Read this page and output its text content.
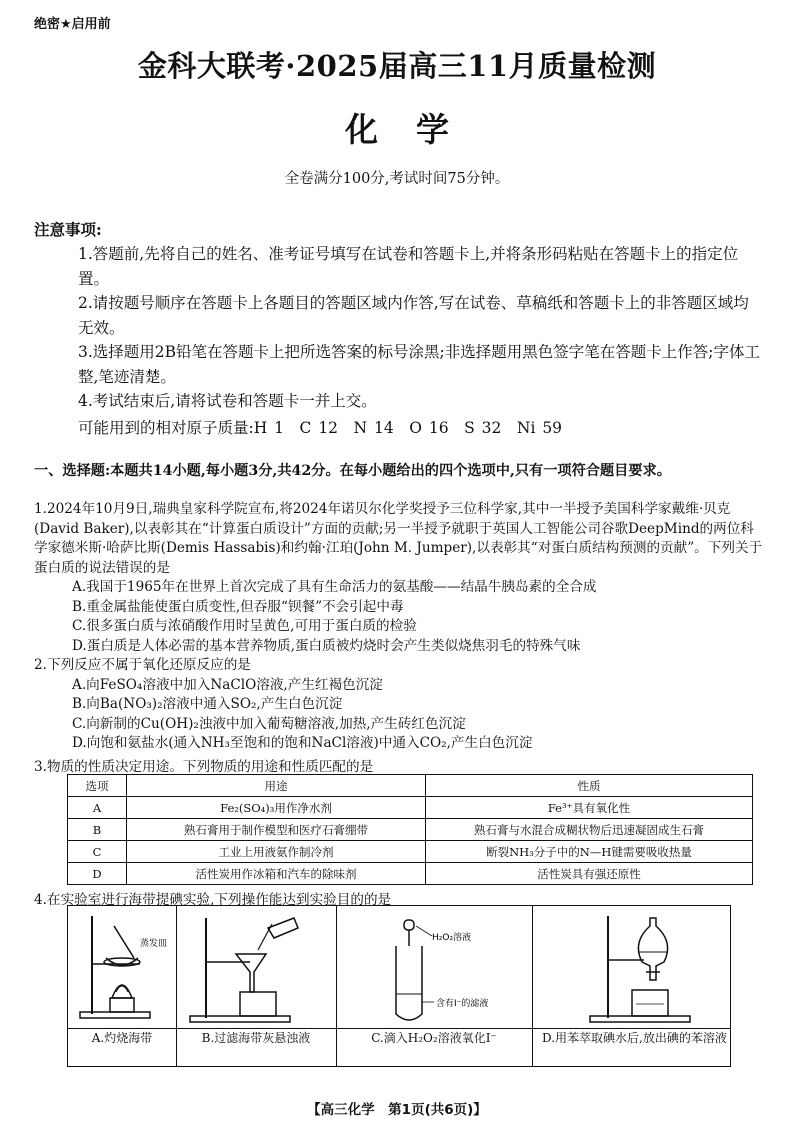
绝密★启用前
金科大联考·2025届高三11月质量检测
化学
全卷满分100分,考试时间75分钟。
注意事项:
1.答题前,先将自己的姓名、准考证号填写在试卷和答题卡上,并将条形码粘贴在答题卡上的指定位置。
2.请按题号顺序在答题卡上各题目的答题区域内作答,写在试卷、草稿纸和答题卡上的非答题区域均无效。
3.选择题用2B铅笔在答题卡上把所选答案的标号涂黑;非选择题用黑色签字笔在答题卡上作答;字体工整,笔迹清楚。
4.考试结束后,请将试卷和答题卡一并上交。
可能用到的相对原子质量:H 1　C 12　N 14　O 16　S 32　Ni 59
一、选择题:本题共14小题,每小题3分,共42分。在每小题给出的四个选项中,只有一项符合题目要求。
1.2024年10月9日,瑞典皇家科学院宣布,将2024年诺贝尔化学奖授予三位科学家,其中一半授予美国科学家戴维·贝克(David Baker),以表彰其在“计算蛋白质设计”方面的贡献;另一半授予就职于英国人工智能公司谷歌DeepMind的两位科学家德米斯·哈萨比斯(Demis Hassabis)和约翰·江珀(John M. Jumper),以表彰其“对蛋白质结构预测的贡献”。下列关于蛋白质的说法错误的是
A.我国于1965年在世界上首次完成了具有生命活力的氨基酸——结晶牛胰岛素的全合成
B.重金属盐能使蛋白质变性,但吞服“钡餐”不会引起中毒
C.很多蛋白质与浓硝酸作用时呈黄色,可用于蛋白质的检验
D.蛋白质是人体必需的基本营养物质,蛋白质被灼烧时会产生类似烧焦羽毛的特殊气味
2.下列反应不属于氧化还原反应的是
A.向FeSO₄溶液中加入NaClO溶液,产生红褐色沉淀
B.向Ba(NO₃)₂溶液中通入SO₂,产生白色沉淀
C.向新制的Cu(OH)₂浊液中加入葡萄糖溶液,加热,产生砖红色沉淀
D.向饱和氨盐水(通入NH₃至饱和的饱和NaCl溶液)中通入CO₂,产生白色沉淀
3.物质的性质决定用途。下列物质的用途和性质匹配的是
选项	用途	性质
A	Fe₂(SO₄)₃用作净水剂	Fe³⁺具有氧化性
B	熟石膏用于制作模型和医疗石膏绷带	熟石膏与水混合成糊状物后迅速凝固成生石膏
C	工业上用液氨作制冷剂	断裂NH₃分子中的N—H键需要吸收热量
D	活性炭用作冰箱和汽车的除味剂	活性炭具有强还原性
4.在实验室进行海带提碘实验,下列操作能达到实验目的的是
蒸发皿
A.灼烧海带	B.过滤海带灰悬浊液
H₂O₂溶液
含有I⁻的滤液
C.滴入H₂O₂溶液氧化I⁻	D.用苯萃取碘水后,放出碘的苯溶液
【高三化学　第1页(共6页)】
